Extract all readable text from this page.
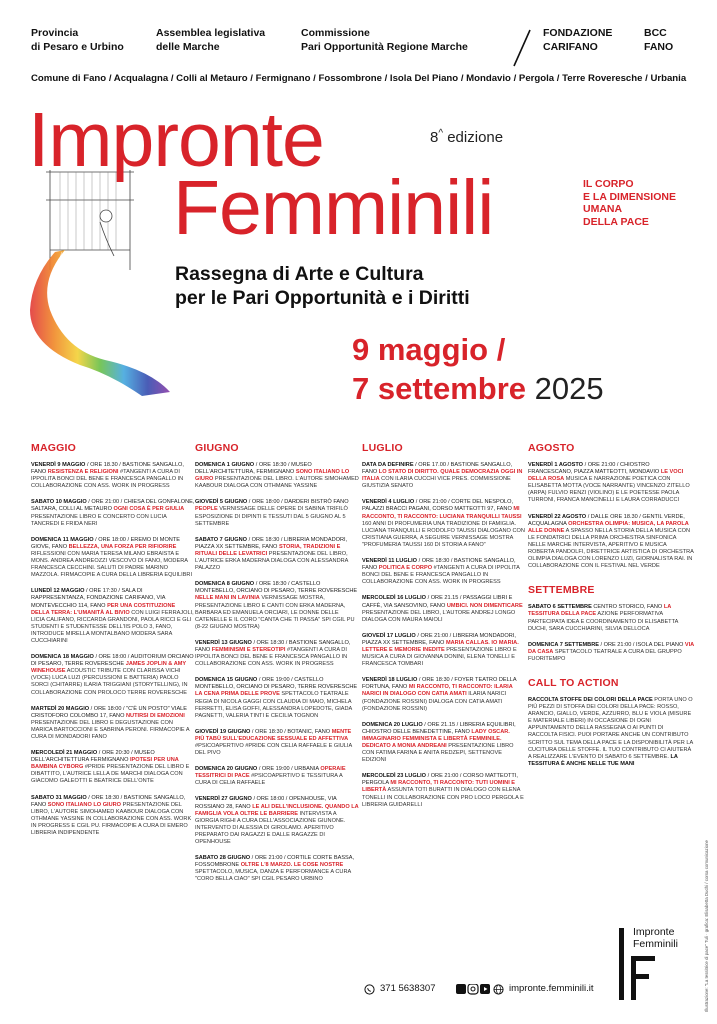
Provincia
di Pesaro e Urbino
Assemblea legislativa
delle Marche
Commissione
Pari Opportunità Regione Marche
FONDAZIONE
CARIFANO
BCC
FANO
Comune di Fano / Acqualagna / Colli al Metauro / Fermignano / Fossombrone / Isola Del Piano / Mondavio / Pergola / Terre Roveresche / Urbania
Impronte
Femminili
8^ edizione
IL CORPO
E LA DIMENSIONE
UMANA
DELLA PACE
Rassegna di Arte e Cultura
per le Pari Opportunità e i Diritti
9 maggio /
7 settembre 2025
MAGGIO
VENERDÌ 9 MAGGIO / ORE 18.30 / BASTIONE SANGALLO, FANO RESISTENZA E RELIGIONI #TANGENTI A CURA DI IPPOLITA BONCI DEL BENE E FRANCESCA PANGALLO IN COLLABORAZIONE CON ASS. WORK IN PROGRESS
SABATO 10 MAGGIO / ORE 21:00 / CHIESA DEL GONFALONE, SALTARA, COLLI AL METAURO OGNI COSA È PER GIULIA PRESENTAZIONE LIBRO E CONCERTO CON LUCIA TANCREDI E FRIDA NERI
DOMENICA 11 MAGGIO / ORE 18:00 / EREMO DI MONTE GIOVE, FANO BELLEZZA, UNA FORZA PER RIFIORIRE RIFLESSIONI CON MARIA TERESA MILANO EBRAISTA E MONS. ANDREA ANDREOZZI VESCOVO DI FANO, MODERA FRANCESCA CECCHINI. SALUTI DI PADRE MARINO MAZZOLA. FIRMACOPIE A CURA DELLA LIBRERIA EQUILIBRI
LUNEDÌ 12 MAGGIO / ORE 17:30 / SALA DI RAPPRESENTANZA, FONDAZIONE CARIFANO, VIA MONTEVECCHIO 114, FANO PER UNA COSTITUZIONE DELLA TERRA: L'UMANITÀ AL BIVIO CON LUIGI FERRAJOLI, LICIA CALIFANO, RICCARDA GRANDONI, PAOLA RICCI E GLI STUDENTI E STUDENTESSE DELL'IIS POLO 3, FANO, INTRODUCE MIRELLA MONTALBANO MODERA SARA CUCCHIARINI
DOMENICA 18 MAGGIO / ORE 18:00 / AUDITORIUM ORCIANO DI PESARO, TERRE ROVERESCHE JAMES JOPLIN & AMY WINEHOUSE ACOUSTIC TRIBUTE CON CLARISSA VICHI (VOCE) LUCA LUZI (PERCUSSIONI E BATTERIA) PAOLO SORCI (CHITARRE) ILARIA TRIGGIANI (STORYTELLING), IN COLLABORAZIONE CON PROLOCO TERRE ROVERESCHE
MARTEDÌ 20 MAGGIO / ORE 18:00 / "C'È UN POSTO" VIALE CRISTOFORO COLOMBO 17, FANO NUTIRSI DI EMOZIONI PRESENTAZIONE DEL LIBRO E DEGUSTAZIONE CON MARICA BARTOCCIONI E SABRINA PERONI. FIRMACOPIE A CURA DI MONDADORI FANO
MERCOLEDÌ 21 MAGGIO / ORE 20:30 / MUSEO DELL'ARCHITETTURA FERMIGNANO IPOTESI PER UNA BAMBINA CYBORG #PRIDE PRESENTAZIONE DEL LIBRO E DIBATTITO, L'AUTRICE LELLA DE MARCHI DIALOGA CON GIACOMO GALEOTTI E BEATRICE DELL'ONTE
SABATO 31 MAGGIO / ORE 18:30 / BASTIONE SANGALLO, FANO SONO ITALIANO LO GIURO PRESENTAZIONE DEL LIBRO, L'AUTORE SIMOHAMED KAABOUR DIALOGA CON OTHMANE YASSINE IN COLLABORAZIONE CON ASS. WORK IN PROGRESS E CGIL PU. FIRMACOPIE A CURA DI EMERO LIBRERIA INDIPENDENTE
GIUGNO
DOMENICA 1 GIUGNO / ORE 18:30 / MUSEO DELL'ARCHITETTURA, FERMIGNANO SONO ITALIANO LO GIURO PRESENTAZIONE DEL LIBRO. L'AUTORE SIMOHAMED KAABOUR DIALOGA CON OTHMANE YASSINE
GIOVEDÌ 5 GIUGNO / ORE 18:00 / DARDERI BISTRÒ FANO PEOPLE VERNISSAGE DELLE OPERE DI SABINA TRIFILÒ ESPOSIZIONE DI DIPINTI E TESSUTI DAL 5 GIUGNO AL 5 SETTEMBRE
SABATO 7 GIUGNO / ORE 18:30 / LIBRERIA MONDADORI, PIAZZA XX SETTEMBRE, FANO STORIA, TRADIZIONI E RITUALI DELLE LEVATRICI PRESENTAZIONE DEL LIBRO, L'AUTRICE ERKA MADERNA DIALOGA CON ALESSANDRA PALAZZO
DOMENICA 8 GIUGNO / ORE 18:30 / CASTELLO MONTEBELLO, ORCIANO DI PESARO, TERRE ROVERESCHE NELLE MANI IN LAVINIA VERNISSAGE MOSTRA, PRESENTAZIONE LIBRO E CANTI CON ERKA MADERNA, BARBARA ED EMANUELA ORCIARI, LE DONNE DELLE CATENELLE E IL CORO "CANTA CHE TI PASSA" SPI CGIL PU (8-22 GIUGNO MOSTRA)
VENERDÌ 13 GIUGNO / ORE 18:30 / BASTIONE SANGALLO, FANO FEMMINISMI E STEREOTIPI #TANGENTI A CURA DI IPPOLITA BONCI DEL BENE E FRANCESCA PANGALLO IN COLLABORAZIONE CON ASS. WORK IN PROGRESS
DOMENICA 15 GIUGNO / ORE 19:00 / CASTELLO MONTEBELLO, ORCIANO DI PESARO, TERRE ROVERESCHE LA CENA PRIMA DELLE PROVE SPETTACOLO TEATRALE REGIA DI NICOLA GAGGI CON CLAUDIA DI MAIO, MICHELA FERRETTI, ELISA GOFFI, ALESSANDRA LOPEDOTE, GIADA PAGNETTI, VALERIA TINTI E CECILIA TOGNON
GIOVEDÌ 19 GIUGNO / ORE 18:30 / BOTANIC, FANO MENTE PIÙ TABÙ SULL'EDUCAZIONE SESSUALE ED AFFETTIVA #PSICOAPERTIVO #PRIDE CON CELIA RAFFAELE E GIULIA DEL PIVO
DOMENICA 20 GIUGNO / ORE 19:00 / URBANIA OPERAIE TESSITRICI DI PACE #PSICOAPERTIVO E TESSITURA A CURA DI CELIA RAFFAELE
VENERDÌ 27 GIUGNO / ORE 18:00 / OPENHOUSE, VIA ROSSIANO 28, FANO LE ALI DELL'INCLUSIONE. QUANDO LA FAMIGLIA VOLA OLTRE LE BARRIERE INTERVISTA A GIORGIA RIGHI A CURA DELL'ASSOCIAZIONE GIUNONE. INTERVENTO DI ALESSIA DI GIROLAMO. APERITIVO PREPARATO DAI RAGAZZI E DALLE RAGAZZE DI OPENHOUSE
SABATO 28 GIUGNO / ORE 21:00 / CORTILE CORTE BASSA, FOSSOMBRONE OLTRE L'8 MARZO. LE COSE NOSTRE SPETTACOLO, MUSICA, DANZA E PERFORMANCE A CURA "CORO BELLA CIAO" SPI CGIL PESARO URBINO
LUGLIO
DATA DA DEFINIRE / ORE 17.00 / BASTIONE SANGALLO, FANO LO STATO DI DIRITTO. QUALE DEMOCRAZIA OGGI IN ITALIA CON ILARIA CUCCHI VICE PRES. COMMISSIONE GIUSTIZIA SENATO
VENERDÌ 4 LUGLIO / ORE 21:00 / CORTE DEL NESPOLO, PALAZZI BRACCI PAGANI, CORSO MATTEOTTI 97, FANO MI RACCONTO, TI RACCONTO: LUCIANA TRANQUILLI TAUSSI 160 ANNI DI PROFUMERIA UNA TRADIZIONE DI FAMIGLIA. LUCIANA TRANQUILLI E RODOLFO TAUSSI DIALOGANO CON CRISTIANA GUERRA, A SEGUIRE VERNISSAGE MOSTRA "PROFUMERIA TAUSSI 160 DI STORIA A FANO"
VENERDÌ 11 LUGLIO / ORE 18:30 / BASTIONE SANGALLO, FANO POLITICA E CORPO #TANGENTI A CURA DI IPPOLITA BONCI DEL BENE E FRANCESCA PANGALLO IN COLLABORAZIONE CON ASS. WORK IN PROGRESS
MERCOLEDÌ 16 LUGLIO / ORE 21.15 / PASSAGGI LIBRI E CAFFÈ, VIA SANSOVINO, FANO UMBICI. NON DIMENTICARE PRESENTAZIONE DEL LIBRO, L'AUTORE ANDREJ LONGO DIALOGA CON MAURA MAIOLI
GIOVEDÌ 17 LUGLIO / ORE 21:00 / LIBRERIA MONDADORI, PIAZZA XX SETTEMBRE, FANO MARIA CALLAS. IO MARIA. LETTERE E MEMORIE INEDITE PRESENTAZIONE LIBRO E MUSICA A CURA DI GIOVANNA DONINI, ELENA TONELLI E FRANCESCA TOMBARI
VENERDÌ 18 LUGLIO / ORE 18:30 / FOYER TEATRO DELLA FORTUNA, FANO MI RACCONTO, TI RACCONTO: ILARIA NARICI IN DIALOGO CON CATIA AMATI ILARIA NARICI (FONDAZIONE ROSSINI) DIALOGA CON CATIA AMATI (FONDAZIONE ROSSINI)
DOMENICA 20 LUGLIO / ORE 21.15 / LIBRERIA EQUILIBRI, CHIOSTRO DELLE BENEDETTINE, FANO LADY OSCAR. IMMAGINARIO FEMMINISTA E LIBERTÀ FEMMINILE. DEDICATO A MONIA ANDREANI PRESENTAZIONE LIBRO CON FATIMA FARINA E ANITA REDZEPI, SETTENOVE EDIZIONI
MERCOLEDÌ 23 LUGLIO / ORE 21:00 / CORSO MATTEOTTI, PERGOLA MI RACCONTO, TI RACCONTO: TUTI UOMINI E LIBERTÀ ASSUNTA TOTI BURATTI IN DIALOGO CON ELENA TONELLI IN COLLABORAZIONE CON PRO LOCO PERGOLA E LIBRERIA GUIDARELLI
AGOSTO
VENERDÌ 1 AGOSTO / ORE 21:00 / CHIOSTRO FRANCESCANO, PIAZZA MATTEOTTI, MONDAVIO LE VOCI DELLA ROSA MUSICA E NARRAZIONE POETICA CON ELISABETTA MOTTA (VOCE NARRANTE) VINCENZO ZITELLO (ARPA) FULVIO RENZI (VIOLINO) E LE POETESSE PAOLA TURRONI, FRANCA MANCINELLI E LAURA CORRADUCCI
VENERDÌ 22 AGOSTO / DALLE ORE 18.30 / GENTIL VERDE, ACQUALAGNA ORCHESTRA OLIMPIA: MUSICA, LA PAROLA ALLE DONNE A SPASSO NELLA STORIA DELLA MUSICA CON LE FONDATRICI DELLA PRIMA ORCHESTRA SINFONICA NELLE MARCHE INTERVISTA, APERITIVO E MUSICA ROBERTA PANDOLFI, DIRETTRICE ARTISTICA DI ORCHESTRA OLIMPIA DIALOGA CON LORENZO LUZI, GIORNALISTA RAI. IN COLLABORAZIONE CON IL FESTIVAL NEL VERDE
SETTEMBRE
SABATO 6 SETTEMBRE CENTRO STORICO, FANO LA TESSITURA DELLA PACE AZIONE PERFORMATIVA PARTECIPATA IDEA E COORDINAMENTO DI ELISABETTA DUCHI, SARA CUCCHIARINI, SILVIA DELLOCA
DOMENICA 7 SETTEMBRE / ORE 21:00 / ISOLA DEL PIANO VIA DA CASA SPETTACOLO TEATRALE A CURA DEL GRUPPO FUORITEMPO
CALL TO ACTION
RACCOLTA STOFFE DEI COLORI DELLA PACE PORTA UNO O PIÙ PEZZI DI STOFFA DEI COLORI DELLA PACE: ROSSO, ARANCIO, GIALLO, VERDE, AZZURRO, BLU E VIOLA (MISURE E MATERIALE LIBERI) IN OCCASIONE DI OGNI APPUNTAMENTO DELLA RASSEGNA O AI PUNTI DI RACCOLTA FISICI. PUOI PORTARE ANCHE UN CONTRIBUTO SCRITTO SUL TEMA DELLA PACE E LA DISPONIBILITÀ PER LA CUCITURA DELLE STOFFE. IL TUO CONTRIBUTO CI AIUTERÀ A REALIZZARE L'EVENTO DI SABATO 6 SETTEMBRE. LA TESSITURA È ANCHE NELLE TUE MANI
371 5638307	impronte.femminili.it
Impronte
Femminili	Illustrazione: "La tessitrice di pace" Tuli · grafica: Elisabetta Duchi / corsa comunicazione
